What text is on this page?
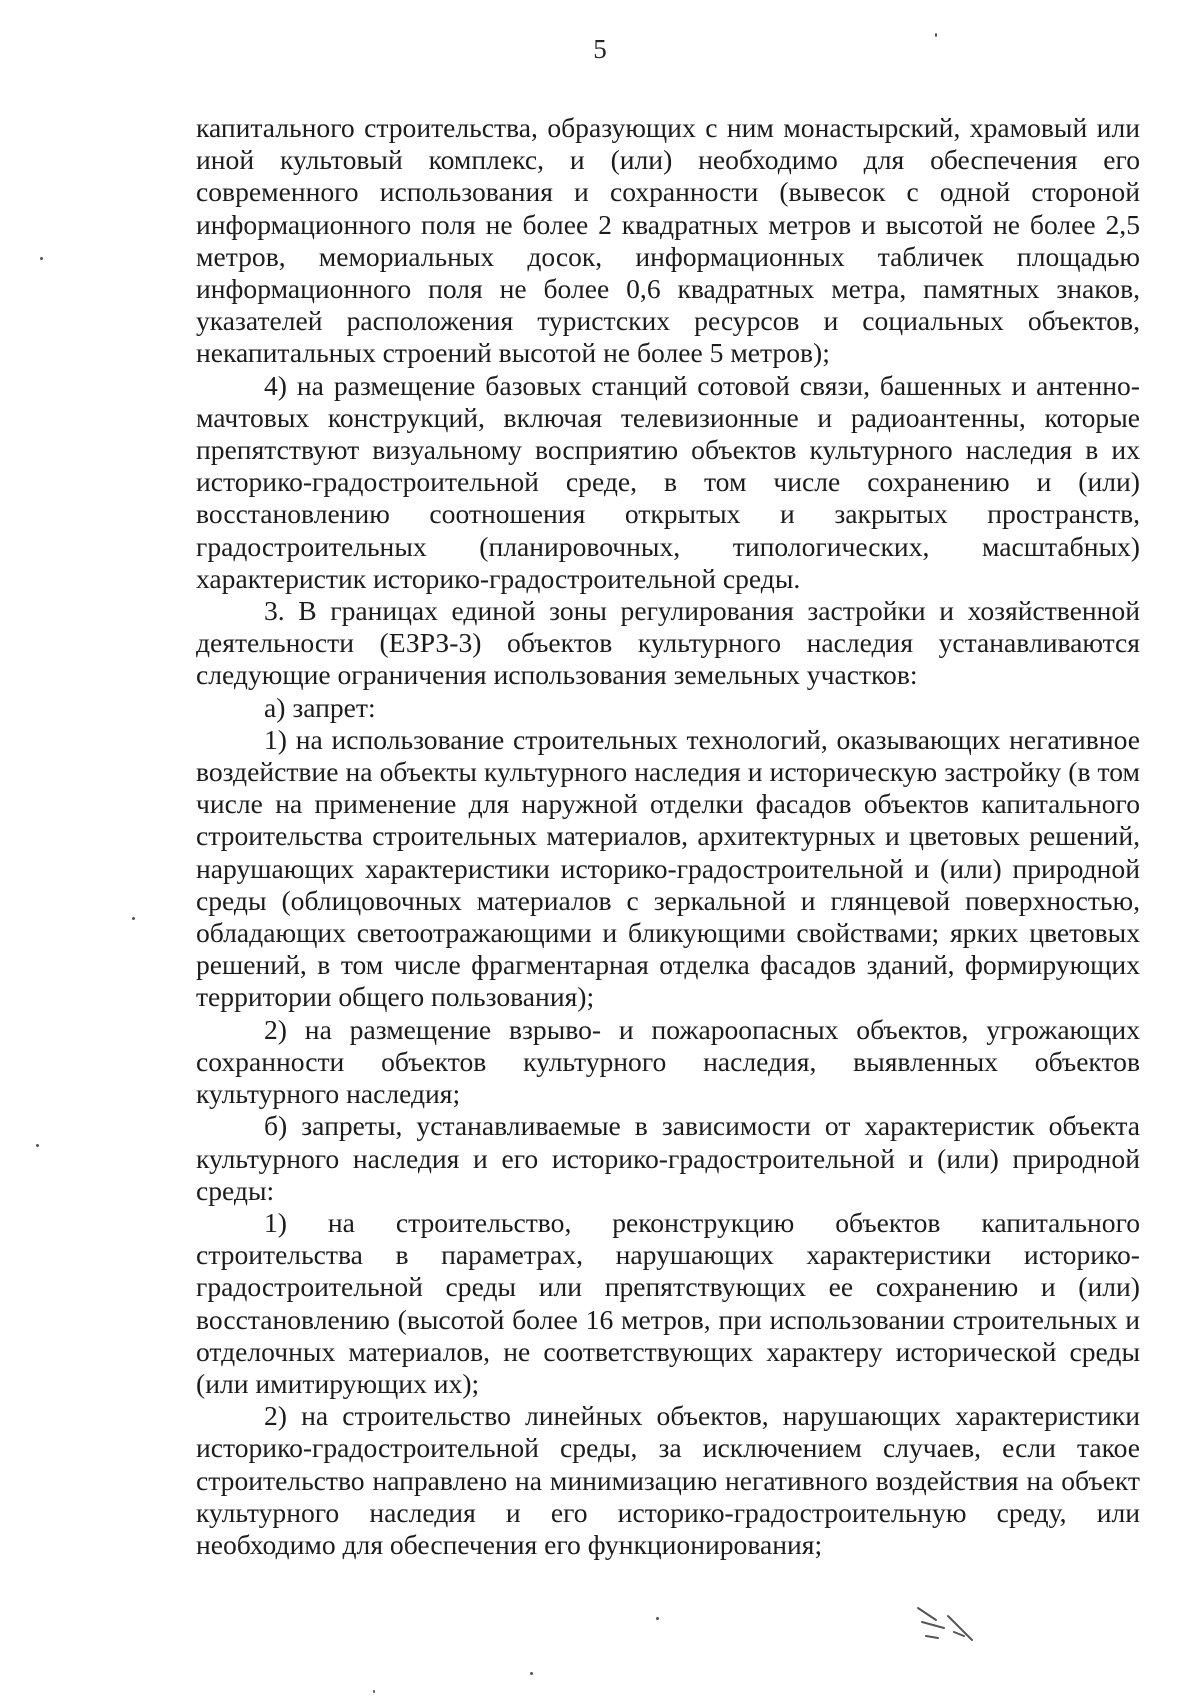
5

капитального строительства, образующих с ним монастырский, храмовый или иной культовый комплекс, и (или) необходимо для обеспечения его современного использования и сохранности (вывесок с одной стороной информационного поля не более 2 квадратных метров и высотой не более 2,5 метров, мемориальных досок, информационных табличек площадью информационного поля не более 0,6 квадратных метра, памятных знаков, указателей расположения туристских ресурсов и социальных объектов, некапитальных строений высотой не более 5 метров);

4) на размещение базовых станций сотовой связи, башенных и антенно-мачтовых конструкций, включая телевизионные и радиоантенны, которые препятствуют визуальному восприятию объектов культурного наследия в их историко-градостроительной среде, в том числе сохранению и (или) восстановлению соотношения открытых и закрытых пространств, градостроительных (планировочных, типологических, масштабных) характеристик историко-градостроительной среды.

3. В границах единой зоны регулирования застройки и хозяйственной деятельности (ЕЗРЗ-3) объектов культурного наследия устанавливаются следующие ограничения использования земельных участков:

а) запрет:

1) на использование строительных технологий, оказывающих негативное воздействие на объекты культурного наследия и историческую застройку (в том числе на применение для наружной отделки фасадов объектов капитального строительства строительных материалов, архитектурных и цветовых решений, нарушающих характеристики историко-градостроительной и (или) природной среды (облицовочных материалов с зеркальной и глянцевой поверхностью, обладающих светоотражающими и бликующими свойствами; ярких цветовых решений, в том числе фрагментарная отделка фасадов зданий, формирующих территории общего пользования);

2) на размещение взрыво- и пожароопасных объектов, угрожающих сохранности объектов культурного наследия, выявленных объектов культурного наследия;

б) запреты, устанавливаемые в зависимости от характеристик объекта культурного наследия и его историко-градостроительной и (или) природной среды:

1) на строительство, реконструкцию объектов капитального строительства в параметрах, нарушающих характеристики историко-градостроительной среды или препятствующих ее сохранению и (или) восстановлению (высотой более 16 метров, при использовании строительных и отделочных материалов, не соответствующих характеру исторической среды (или имитирующих их);

2) на строительство линейных объектов, нарушающих характеристики историко-градостроительной среды, за исключением случаев, если такое строительство направлено на минимизацию негативного воздействия на объект культурного наследия и его историко-градостроительную среду, или необходимо для обеспечения его функционирования;
